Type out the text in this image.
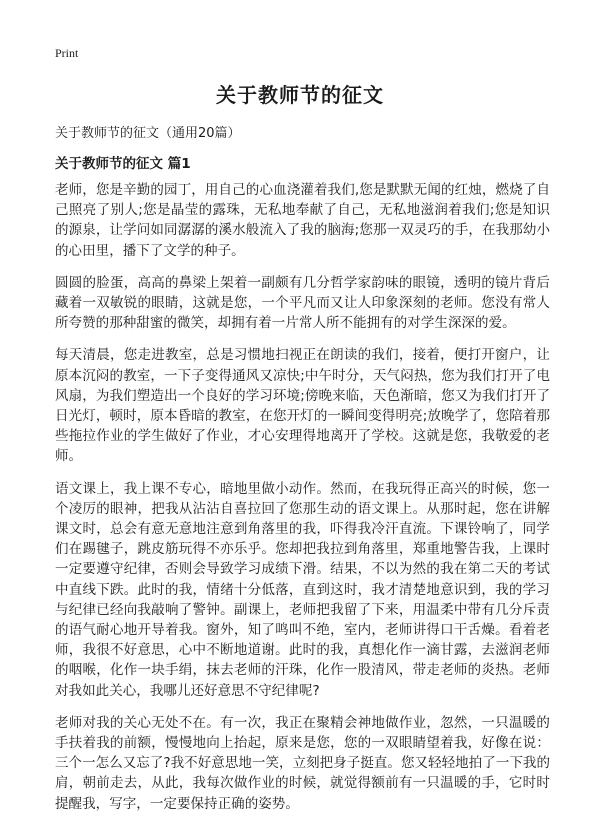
Print
关于教师节的征文

关于教师节的征文（通用20篇）

关于教师节的征文 篇1

老师，您是辛勤的园丁，用自己的心血浇灌着我们,您是默默无闻的红烛，燃烧了自己照亮了别人;您是晶莹的露珠，无私地奉献了自己，无私地滋润着我们;您是知识的源泉，让学问如同潺潺的溪水般流入了我的脑海;您那一双灵巧的手，在我那幼小的心田里，播下了文学的种子。

圆圆的脸蛋，高高的鼻梁上架着一副颇有几分哲学家韵味的眼镜，透明的镜片背后藏着一双敏锐的眼睛，这就是您，一个平凡而又让人印象深刻的老师。您没有常人所夸赞的那种甜蜜的微笑，却拥有着一片常人所不能拥有的对学生深深的爱。

每天清晨，您走进教室，总是习惯地扫视正在朗读的我们，接着，便打开窗户，让原本沉闷的教室，一下子变得通风又凉快;中午时分，天气闷热，您为我们打开了电风扇，为我们塑造出一个良好的学习环境;傍晚来临，天色渐暗，您又为我们打开了日光灯，顿时，原本昏暗的教室，在您开灯的一瞬间变得明亮;放晚学了，您陪着那些拖拉作业的学生做好了作业，才心安理得地离开了学校。这就是您，我敬爱的老师。

语文课上，我上课不专心，暗地里做小动作。然而，在我玩得正高兴的时候，您一个凌厉的眼神，把我从沾沾自喜拉回了您那生动的语文课上。从那时起，您在讲解课文时，总会有意无意地注意到角落里的我，吓得我冷汗直流。下课铃响了，同学们在踢毽子，跳皮筋玩得不亦乐乎。您却把我拉到角落里，郑重地警告我，上课时一定要遵守纪律，否则会导致学习成绩下滑。结果，不以为然的我在第二天的考试中直线下跌。此时的我，情绪十分低落，直到这时，我才清楚地意识到，我的学习与纪律已经向我敲响了警钟。副课上，老师把我留了下来，用温柔中带有几分斥责的语气耐心地开导着我。窗外，知了鸣叫不绝，室内，老师讲得口干舌燥。看着老师，我很不好意思，心中不断地道谢。此时的我，真想化作一滴甘露，去滋润老师的咽喉，化作一块手绢，抹去老师的汗珠，化作一股清风，带走老师的炎热。老师对我如此关心，我哪儿还好意思不守纪律呢?

老师对我的关心无处不在。有一次，我正在聚精会神地做作业，忽然，一只温暖的手扶着我的前额，慢慢地向上抬起，原来是您，您的一双眼睛望着我，好像在说：三个一怎么又忘了?我不好意思地一笑，立刻把身子挺直。您又轻轻地拍了一下我的肩，朝前走去，从此，我每次做作业的时候，就觉得额前有一只温暖的手，它时时提醒我，写字，一定要保持正确的姿势。
